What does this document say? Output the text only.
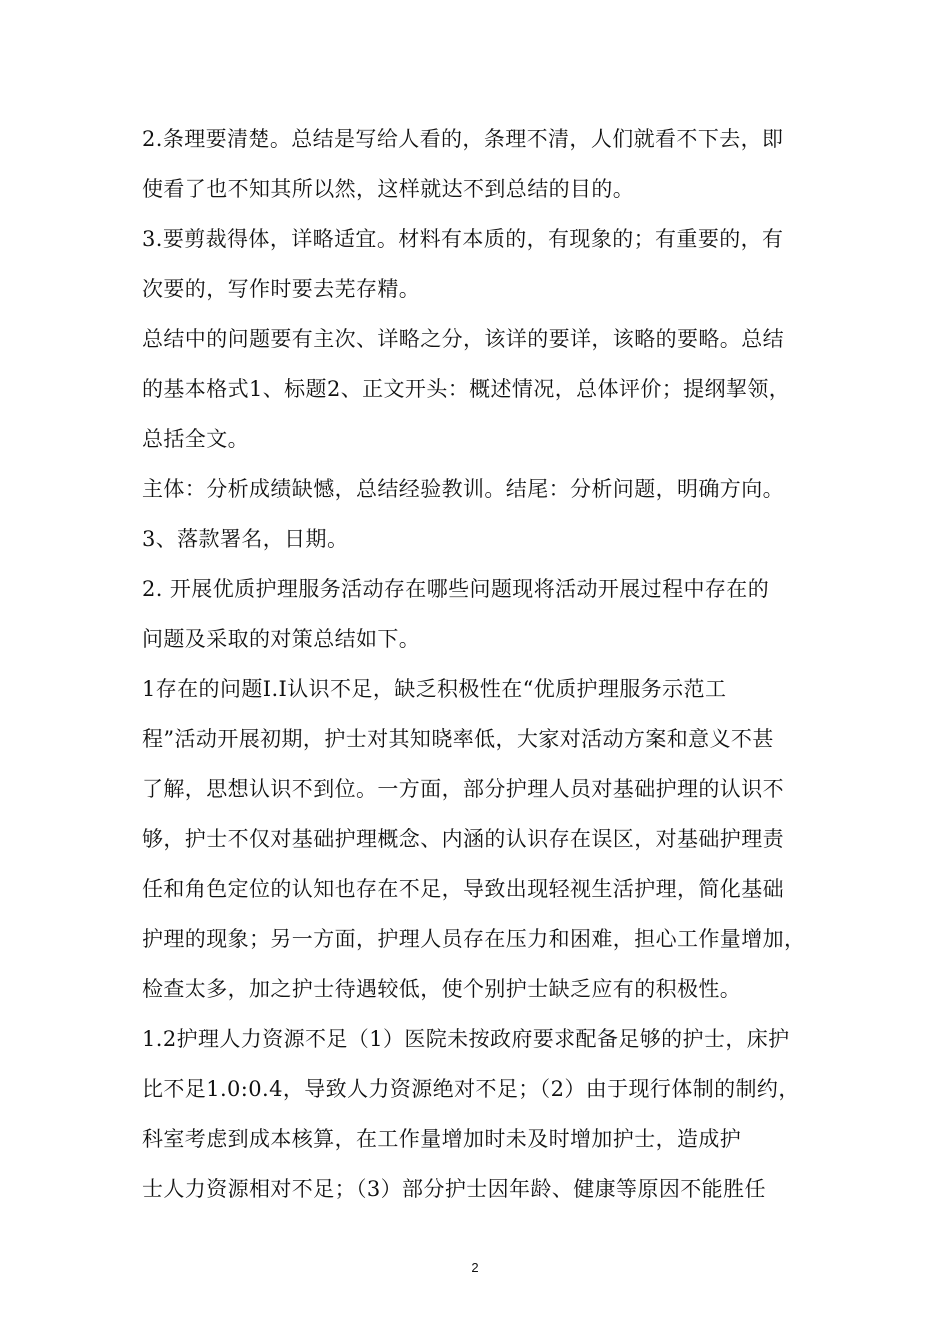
2.条理要清楚。总结是写给人看的，条理不清，人们就看不下去，即
使看了也不知其所以然，这样就达不到总结的目的。
3.要剪裁得体，详略适宜。材料有本质的，有现象的；有重要的，有
次要的，写作时要去芜存精。
总结中的问题要有主次、详略之分，该详的要详，该略的要略。总结
的基本格式1、标题2、正文开头：概述情况，总体评价；提纲挈领，
总括全文。
主体：分析成绩缺憾，总结经验教训。结尾：分析问题，明确方向。
3、落款署名，日期。
2. 开展优质护理服务活动存在哪些问题现将活动开展过程中存在的
问题及采取的对策总结如下。
1存在的问题I.I认识不足，缺乏积极性在“优质护理服务示范工
程”活动开展初期，护士对其知晓率低，大家对活动方案和意义不甚
了解，思想认识不到位。一方面，部分护理人员对基础护理的认识不
够，护士不仅对基础护理概念、内涵的认识存在误区，对基础护理责
任和角色定位的认知也存在不足，导致出现轻视生活护理，简化基础
护理的现象；另一方面，护理人员存在压力和困难，担心工作量增加，
检查太多，加之护士待遇较低，使个别护士缺乏应有的积极性。
1.2护理人力资源不足（1）医院未按政府要求配备足够的护士，床护
比不足1.0:0.4，导致人力资源绝对不足；（2）由于现行体制的制约，
科室考虑到成本核算，在工作量增加时未及时增加护士，造成护
士人力资源相对不足；（3）部分护士因年龄、健康等原因不能胜任
2
